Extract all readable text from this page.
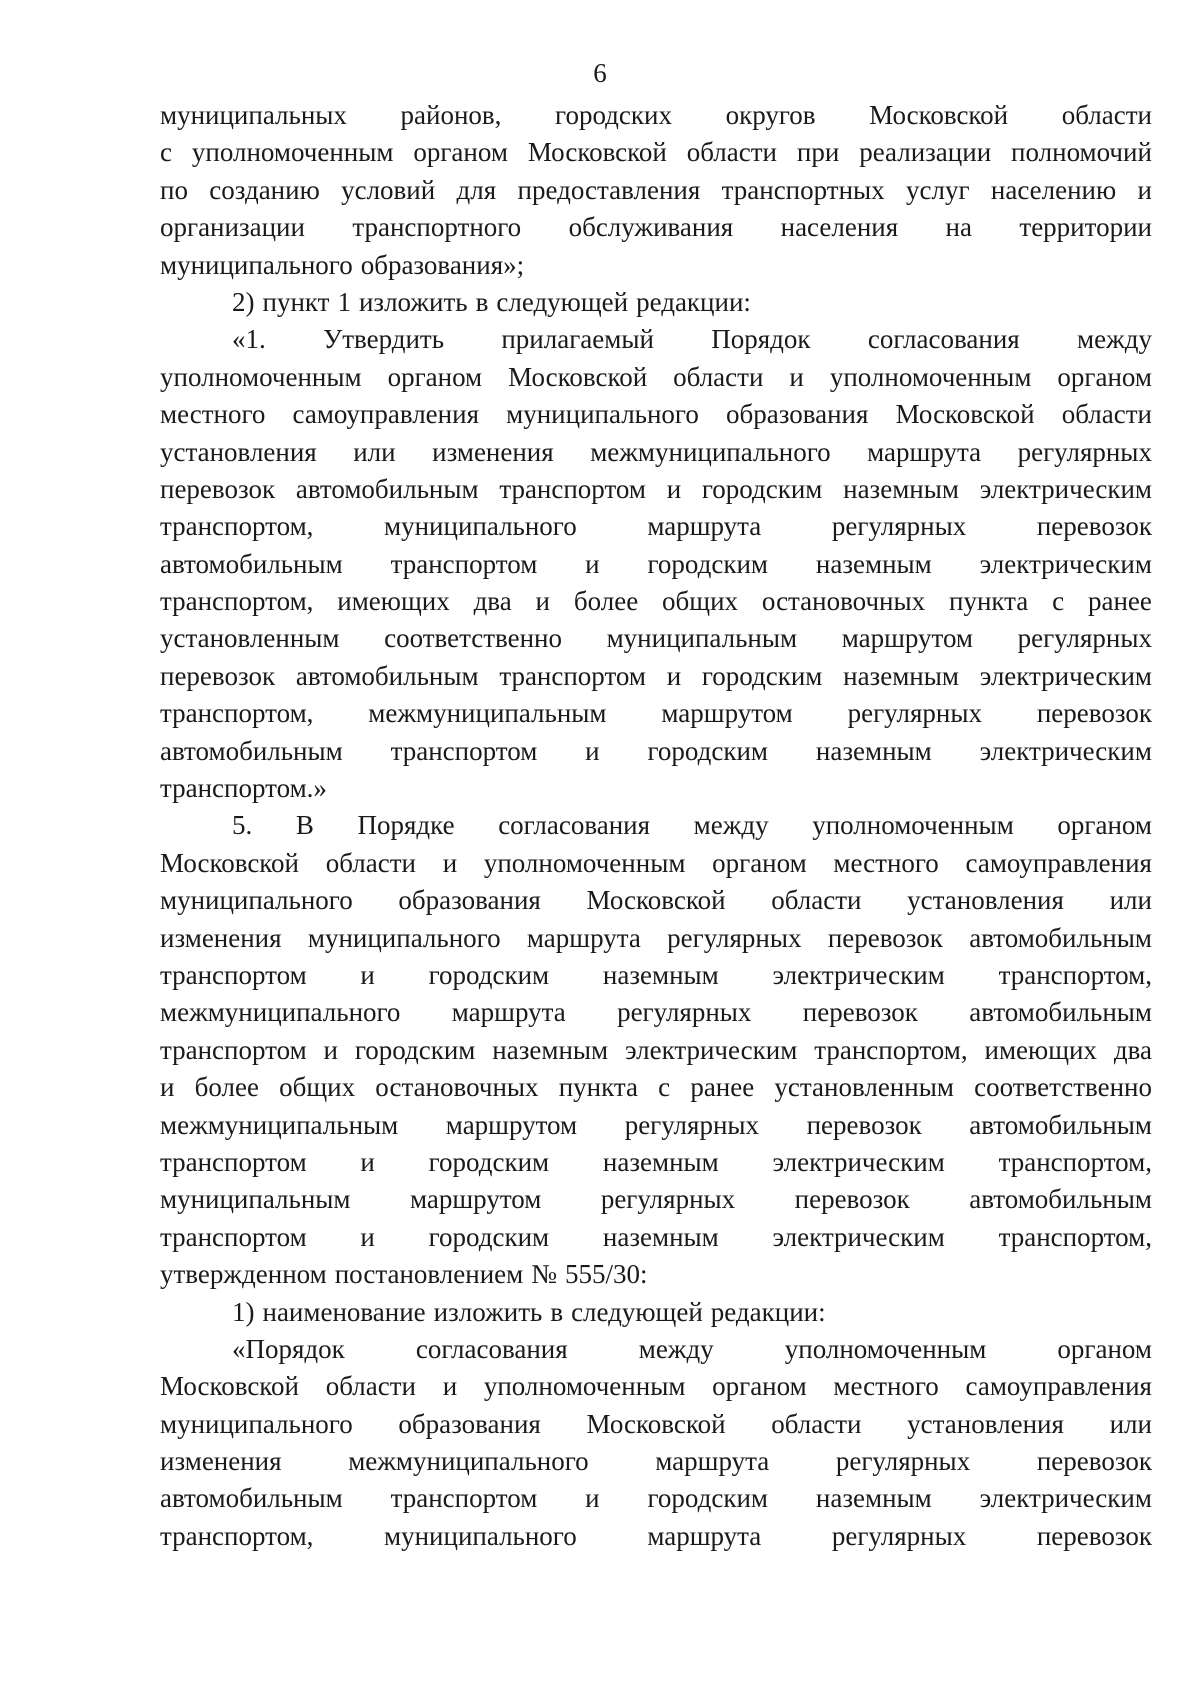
6
муниципальных районов, городских округов Московской области
с уполномоченным органом Московской области при реализации полномочий
по созданию условий для предоставления транспортных услуг населению и
организации транспортного обслуживания населения на территории
муниципального образования»;
2) пункт 1 изложить в следующей редакции:
«1. Утвердить прилагаемый Порядок согласования между
уполномоченным органом Московской области и уполномоченным органом
местного самоуправления муниципального образования Московской области
установления или изменения межмуниципального маршрута регулярных
перевозок автомобильным транспортом и городским наземным электрическим
транспортом,	муниципального	маршрута	регулярных	перевозок
автомобильным транспортом и городским наземным электрическим
транспортом, имеющих два и более общих остановочных пункта с ранее
установленным соответственно муниципальным маршрутом регулярных
перевозок автомобильным транспортом и городским наземным электрическим
транспортом, межмуниципальным маршрутом регулярных перевозок
автомобильным транспортом и городским наземным электрическим
транспортом.»
5. В Порядке согласования между уполномоченным органом
Московской области и уполномоченным органом местного самоуправления
муниципального образования Московской области установления или
изменения муниципального маршрута регулярных перевозок автомобильным
транспортом и городским наземным электрическим транспортом,
межмуниципального маршрута регулярных перевозок автомобильным
транспортом и городским наземным электрическим транспортом, имеющих два
и более общих остановочных пункта с ранее установленным соответственно
межмуниципальным маршрутом регулярных перевозок автомобильным
транспортом и городским наземным электрическим транспортом,
муниципальным маршрутом регулярных перевозок автомобильным
транспортом и городским наземным электрическим транспортом,
утвержденном постановлением № 555/30:
1) наименование изложить в следующей редакции:
«Порядок	согласования	между	уполномоченным	органом
Московской области и уполномоченным органом местного самоуправления
муниципального образования Московской области установления или
изменения межмуниципального маршрута регулярных перевозок
автомобильным транспортом и городским наземным электрическим
транспортом,	муниципального	маршрута	регулярных	перевозок
